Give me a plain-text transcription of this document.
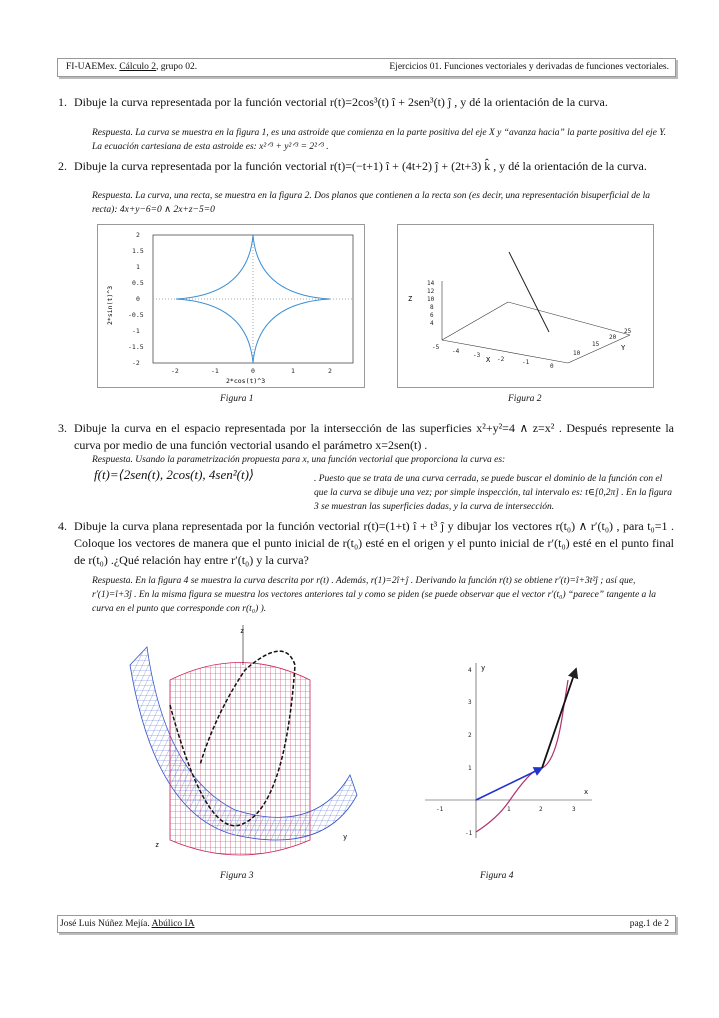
FI-UAEMex. Cálculo 2, grupo 02.	Ejercicios 01. Funciones vectoriales y derivadas de funciones vectoriales.
1. Dibuje la curva representada por la función vectorial r(t)=2cos³(t) î + 2sen³(t) ĵ , y dé la orientación de la curva.
Respuesta. La curva se muestra en la figura 1, es una astroide que comienza en la parte positiva del eje X y “avanza hacia” la parte positiva del eje Y. La ecuación cartesiana de esta astroide es: x²ᐟ³ + y²ᐟ³ = 2²ᐟ³ .
2. Dibuje la curva representada por la función vectorial r(t)=(−t+1) î + (4t+2) ĵ + (2t+3) k̂ , y dé la orientación de la curva.
Respuesta. La curva, una recta, se muestra en la figura 2. Dos planos que contienen a la recta son (es decir, una representación bisuperficial de la recta): 4x+y−6=0 ∧ 2x+z−5=0
2
1.5
1
0.5
0
-0.5
-1
-1.5
-2
-2	-1	0	1	2
2*cos(t)^3
2*sin(t)^3
Figura 1
14
12
10
8
6
4
Z
-5
-4
-3
-2	-1
0
X
10
15
20
25
Y
Figura 2
3. Dibuje la curva en el espacio representada por la intersección de las superficies x²+y²=4 ∧ z=x² . Después represente la curva por medio de una función vectorial usando el parámetro x=2sen(t) .
Respuesta. Usando la parametrización propuesta para x, una función vectorial que proporciona la curva es:
f(t)=⟨2sen(t), 2cos(t), 4sen²(t)⟩	. Puesto que se trata de una curva cerrada, se puede buscar el dominio de la función con el que la curva se dibuje una vez; por simple inspección, tal intervalo es: t∈[0,2π] . En la figura 3 se muestran las superficies dadas, y la curva de intersección.
4. Dibuje la curva plana representada por la función vectorial r(t)=(1+t) î + t³ ĵ y dibujar los vectores r(t₀) ∧ r′(t₀) , para t₀=1 . Coloque los vectores de manera que el punto inicial de r(t₀) esté en el origen y el punto inicial de r′(t₀) esté en el punto final de r(t₀) .¿Qué relación hay entre r′(t₀) y la curva?
Respuesta. En la figura 4 se muestra la curva descrita por r(t) . Además, r(1)=2î+ĵ . Derivando la función r(t) se obtiene r′(t)=î+3t²ĵ ; así que, r′(1)=î+3ĵ . En la misma figura se muestra los vectores anteriores tal y como se piden (se puede observar que el vector r′(t₀) “parece” tangente a la curva en el punto que corresponde con r(t₀) ).
z
y
z
Figura 3
4
3
2
1
-1
y
-1	1	2	3
x
Figura 4
José Luis Núñez Mejía. Abúlico IA	pag.1 de 2
